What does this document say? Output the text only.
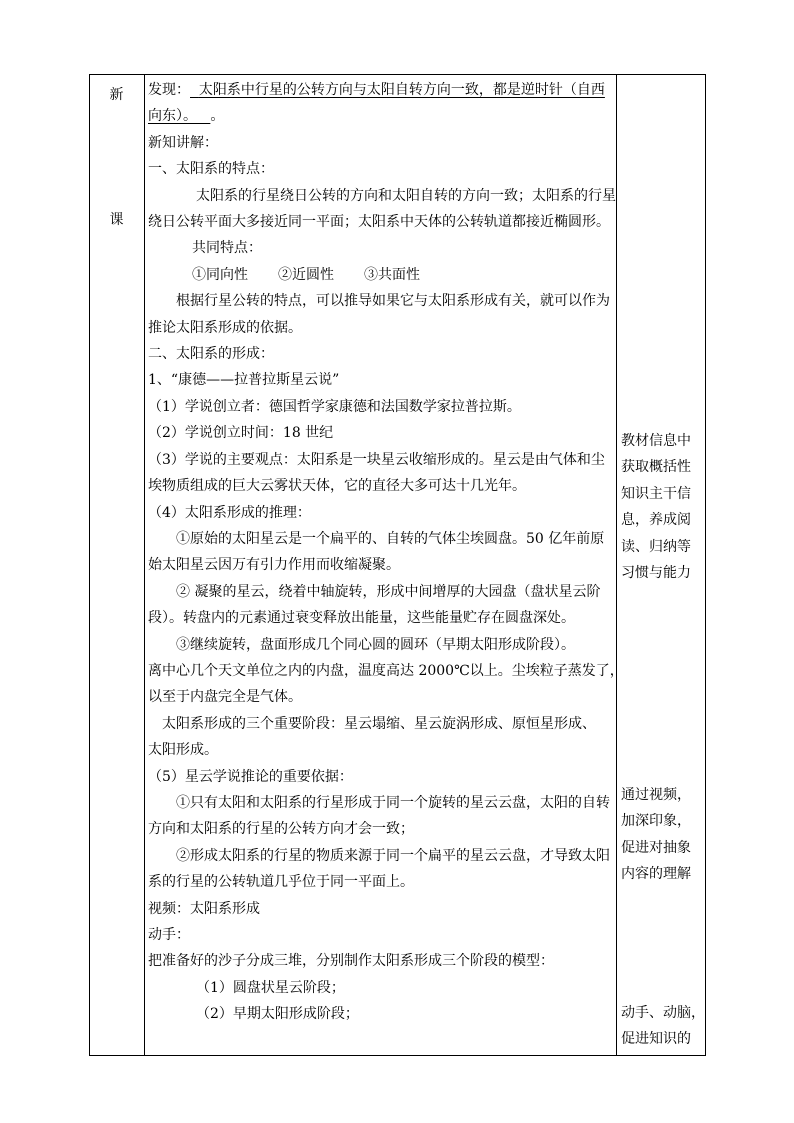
新
课

发现： 太阳系中行星的公转方向与太阳自转方向一致，都是逆时针（自西

向东）。 。

新知讲解：

一、太阳系的特点：

太阳系的行星绕日公转的方向和太阳自转的方向一致；太阳系的行星

绕日公转平面大多接近同一平面；太阳系中天体的公转轨道都接近椭圆形。

共同特点：

①同向性 ②近圆性 ③共面性

根据行星公转的特点，可以推导如果它与太阳系形成有关，就可以作为

推论太阳系形成的依据。

二、太阳系的形成：

1、“康德——拉普拉斯星云说”

（1）学说创立者：德国哲学家康德和法国数学家拉普拉斯。

（2）学说创立时间：18 世纪

（3）学说的主要观点：太阳系是一块星云收缩形成的。星云是由气体和尘

埃物质组成的巨大云雾状天体，它的直径大多可达十几光年。

（4）太阳系形成的推理：

①原始的太阳星云是一个扁平的、自转的气体尘埃圆盘。50 亿年前原

始太阳星云因万有引力作用而收缩凝聚。

② 凝聚的星云，绕着中轴旋转，形成中间增厚的大园盘（盘状星云阶

段）。转盘内的元素通过衰变释放出能量，这些能量贮存在圆盘深处。

③继续旋转，盘面形成几个同心圆的圆环（早期太阳形成阶段）。

离中心几个天文单位之内的内盘，温度高达 2000℃以上。尘埃粒子蒸发了，

以至于内盘完全是气体。

太阳系形成的三个重要阶段：星云塌缩、星云旋涡形成、原恒星形成、

太阳形成。

（5）星云学说推论的重要依据：

①只有太阳和太阳系的行星形成于同一个旋转的星云云盘，太阳的自转

方向和太阳系的行星的公转方向才会一致；

②形成太阳系的行星的物质来源于同一个扁平的星云云盘，才导致太阳

系的行星的公转轨道几乎位于同一平面上。

视频：太阳系形成

动手：

把准备好的沙子分成三堆，分别制作太阳系形成三个阶段的模型：

（1）圆盘状星云阶段；

（2）早期太阳形成阶段；

教材信息中

获取概括性

知识主干信

息，养成阅

读、归纳等

习惯与能力

通过视频，

加深印象，

促进对抽象

内容的理解

动手、动脑，

促进知识的
